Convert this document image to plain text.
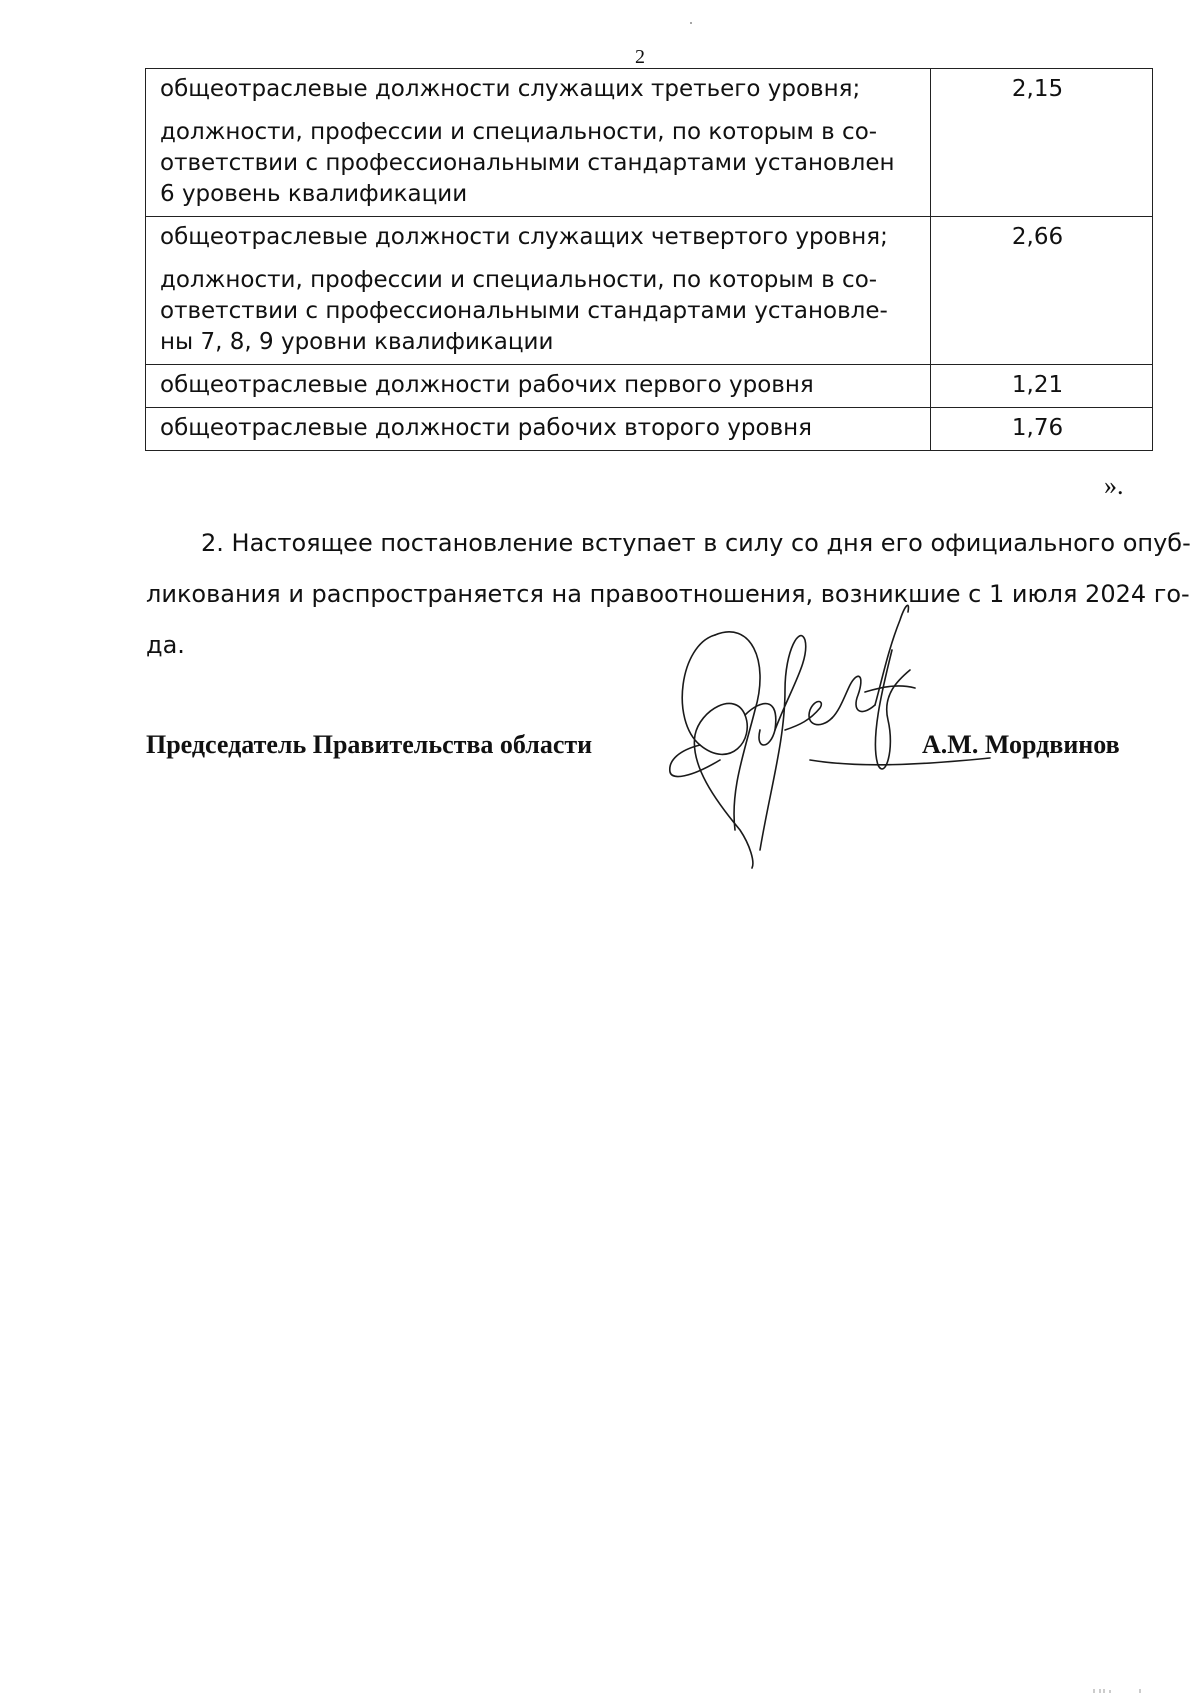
2
общеотраслевые должности служащих третьего уровня;
должности, профессии и специальности, по которым в со-
ответствии с профессиональными стандартами установлен
6 уровень квалификации	2,15

общеотраслевые должности служащих четвертого уровня;
должности, профессии и специальности, по которым в со-
ответствии с профессиональными стандартами установле-
ны 7, 8, 9 уровни квалификации	2,66

общеотраслевые должности рабочих первого уровня	1,21

общеотраслевые должности рабочих второго уровня	1,76
».
2. Настоящее постановление вступает в силу со дня его официального опуб-
ликования и распространяется на правоотношения, возникшие с 1 июля 2024 го-
да.
Председатель Правительства области	А.М. Мордвинов
